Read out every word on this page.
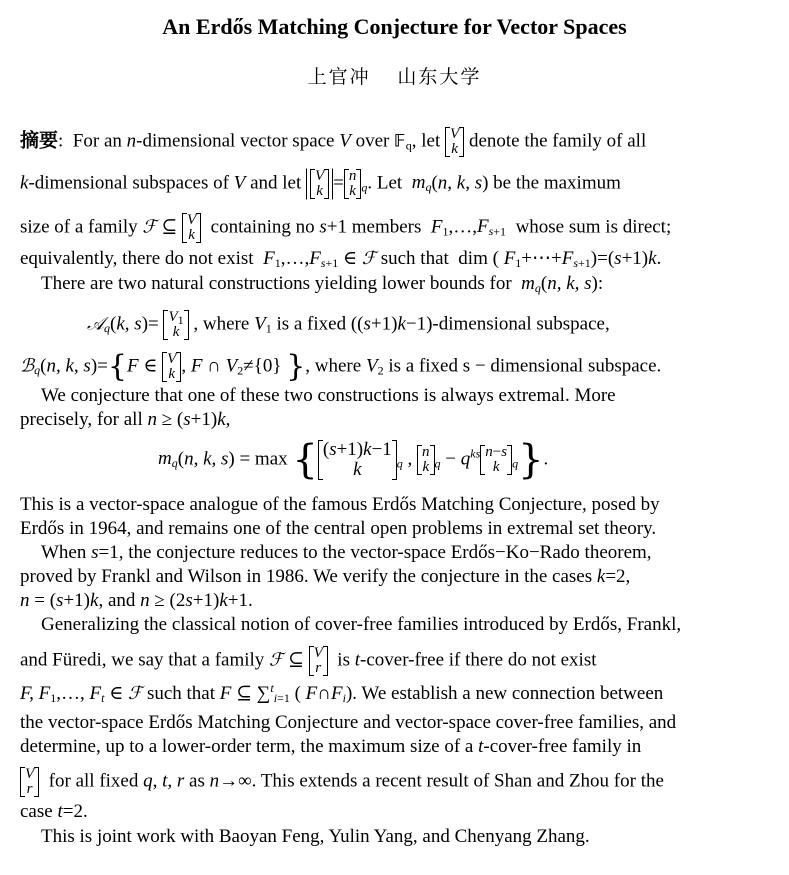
An Erdős Matching Conjecture for Vector Spaces
上官冲 山东大学
摘要:  For an n-dimensional vector space V over 𝔽$_q$, let V
k denote the family of all
k-dimensional subspaces of V and let V
k = n
k $_q$. Let  $m_q(n$, k, s) be the maximum
size of a family ℱ ⊆ V
k containing no s+1 members  $F_1,\dots,F_{s+1}$  whose sum is direct;
equivalently, there do not exist  $F_1,\dots,F_{s+1}$ ∈ ℱ such that  dim ( $F_1+\cdots+F_{s+1})=(s+1)k$.
There are two natural constructions yielding lower bounds for  $m_q(n$, k, s):
𝒜$_q$(k, $s)= V_1$
k , where $V_1$ is a fixed ((s+1)k−1)-dimensional subspace,
ℬ$_q$(n, k, s)={F ∈ V
k , F ∩ $V_2\ne\{0\}$ }, where $V_2$ is a fixed s − dimensional subspace.
We conjecture that one of these two constructions is always extremal. More
precisely, for all n ≥ (s+1)k,
$m_q(n$, k, s) = max { (s+1)k−1
k	$_q$ , n
k $_q - q^{ks}$ n−s
k	$_q$}.
This is a vector-space analogue of the famous Erdős Matching Conjecture, posed by
Erdős in 1964, and remains one of the central open problems in extremal set theory.
When s=1, the conjecture reduces to the vector-space Erdős−Ko−Rado theorem,
proved by Frankl and Wilson in 1986. We verify the conjecture in the cases k=2,
n = (s+1)k, and n ≥ (2s+1)k+1.
Generalizing the classical notion of cover-free families introduced by Erdős, Frankl,
and Füredi, we say that a family ℱ ⊆ V
r is t-cover-free if there do not exist
F, $F_1,\dots$, $F_t$ ∈ ℱ such that F ⊆ ∑$^t_{i=1}$ ( $F\cap F_i$). We establish a new connection between
the vector-space Erdős Matching Conjecture and vector-space cover-free families, and
determine, up to a lower-order term, the maximum size of a t-cover-free family in
V
r for all fixed q, t, r as n→∞. This extends a recent result of Shan and Zhou for the
case t=2.
This is joint work with Baoyan Feng, Yulin Yang, and Chenyang Zhang.
